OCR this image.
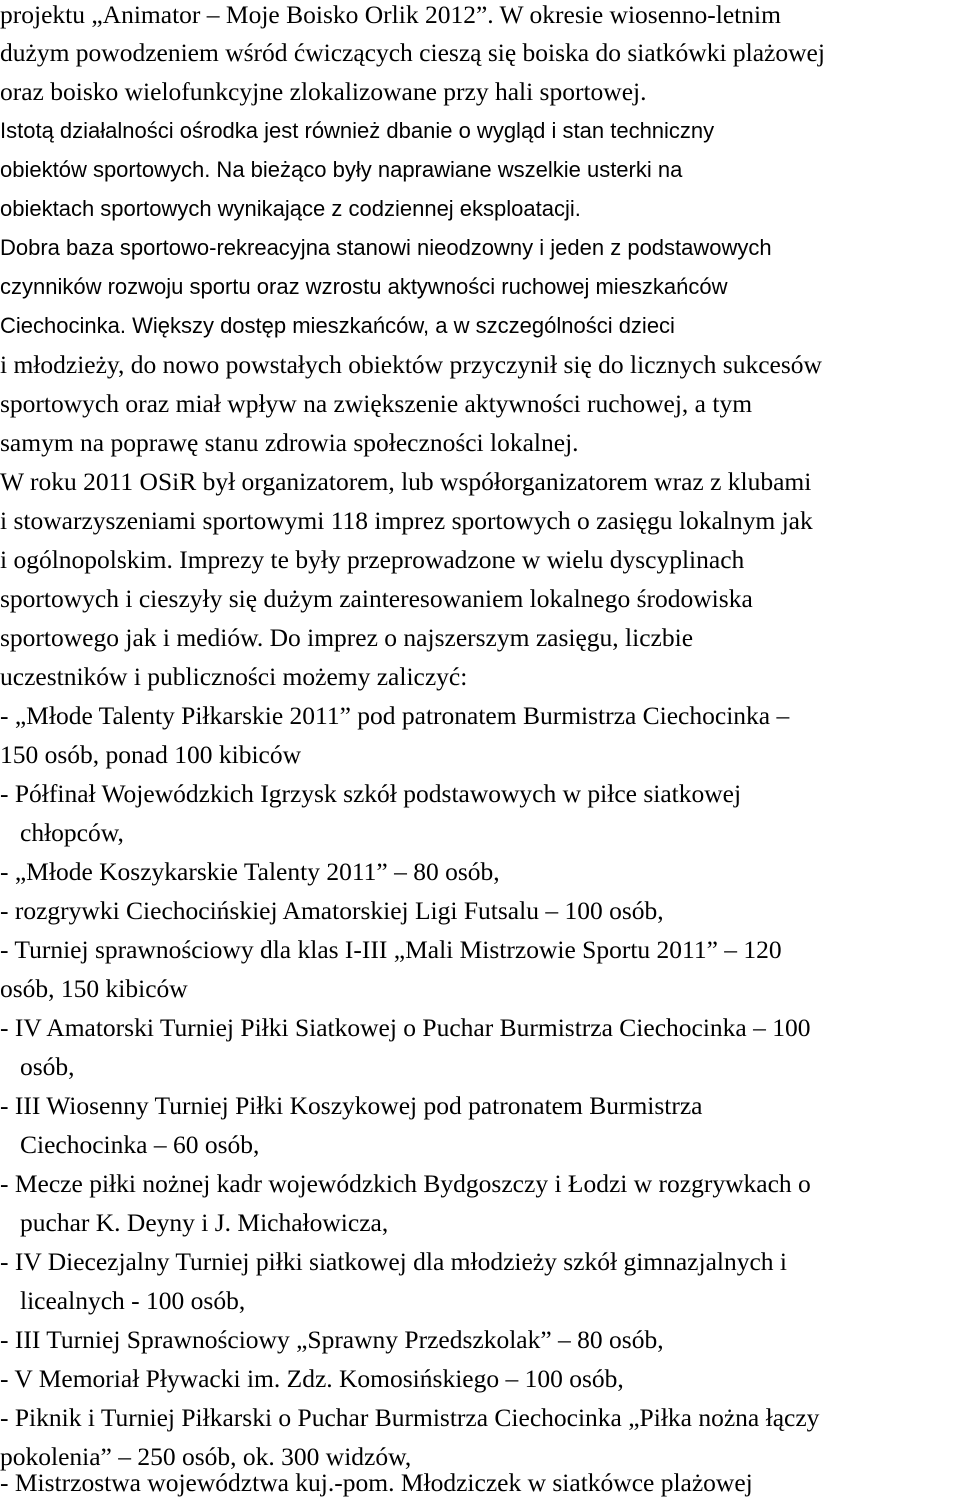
projektu „Animator – Moje Boisko Orlik 2012”. W okresie wiosenno-letnim
dużym powodzeniem wśród ćwiczących cieszą się boiska do siatkówki plażowej
oraz boisko wielofunkcyjne zlokalizowane przy hali sportowej.
Istotą działalności ośrodka jest również dbanie o wygląd i stan techniczny
obiektów sportowych. Na bieżąco były naprawiane wszelkie usterki na
obiektach sportowych wynikające z codziennej eksploatacji.
Dobra baza sportowo-rekreacyjna stanowi nieodzowny i jeden z podstawowych
czynników rozwoju sportu oraz wzrostu aktywności ruchowej mieszkańców
Ciechocinka. Większy dostęp mieszkańców, a w szczególności dzieci
i młodzieży, do nowo powstałych obiektów przyczynił się do licznych sukcesów
sportowych oraz miał wpływ na zwiększenie aktywności ruchowej, a tym
samym na poprawę stanu zdrowia społeczności lokalnej.
W roku 2011 OSiR był organizatorem, lub współorganizatorem wraz z klubami
i stowarzyszeniami sportowymi 118 imprez sportowych o zasięgu lokalnym jak
i ogólnopolskim. Imprezy te były przeprowadzone w wielu dyscyplinach
sportowych i cieszyły się dużym zainteresowaniem lokalnego środowiska
sportowego jak i mediów. Do imprez o najszerszym zasięgu, liczbie
uczestników i publiczności możemy zaliczyć:
- „Młode Talenty Piłkarskie 2011” pod patronatem Burmistrza Ciechocinka –
150 osób, ponad 100 kibiców
- Półfinał Wojewódzkich Igrzysk szkół podstawowych w piłce siatkowej
chłopców,
- „Młode Koszykarskie Talenty 2011” – 80 osób,
- rozgrywki Ciechocińskiej Amatorskiej Ligi Futsalu – 100 osób,
- Turniej sprawnościowy dla klas I-III „Mali Mistrzowie Sportu 2011” – 120
osób, 150 kibiców
- IV Amatorski Turniej Piłki Siatkowej o Puchar Burmistrza Ciechocinka – 100
osób,
- III Wiosenny Turniej Piłki Koszykowej pod patronatem Burmistrza
Ciechocinka – 60 osób,
- Mecze piłki nożnej kadr wojewódzkich Bydgoszczy i Łodzi w rozgrywkach o
puchar K. Deyny i J. Michałowicza,
- IV Diecezjalny Turniej piłki siatkowej dla młodzieży szkół gimnazjalnych i
licealnych - 100 osób,
- III Turniej Sprawnościowy „Sprawny Przedszkolak” – 80 osób,
- V Memoriał Pływacki im. Zdz. Komosińskiego – 100 osób,
- Piknik i Turniej Piłkarski o Puchar Burmistrza Ciechocinka „Piłka nożna łączy
pokolenia” – 250 osób, ok. 300 widzów,
- Mistrzostwa województwa kuj.-pom. Młodziczek w siatkówce plażowej
